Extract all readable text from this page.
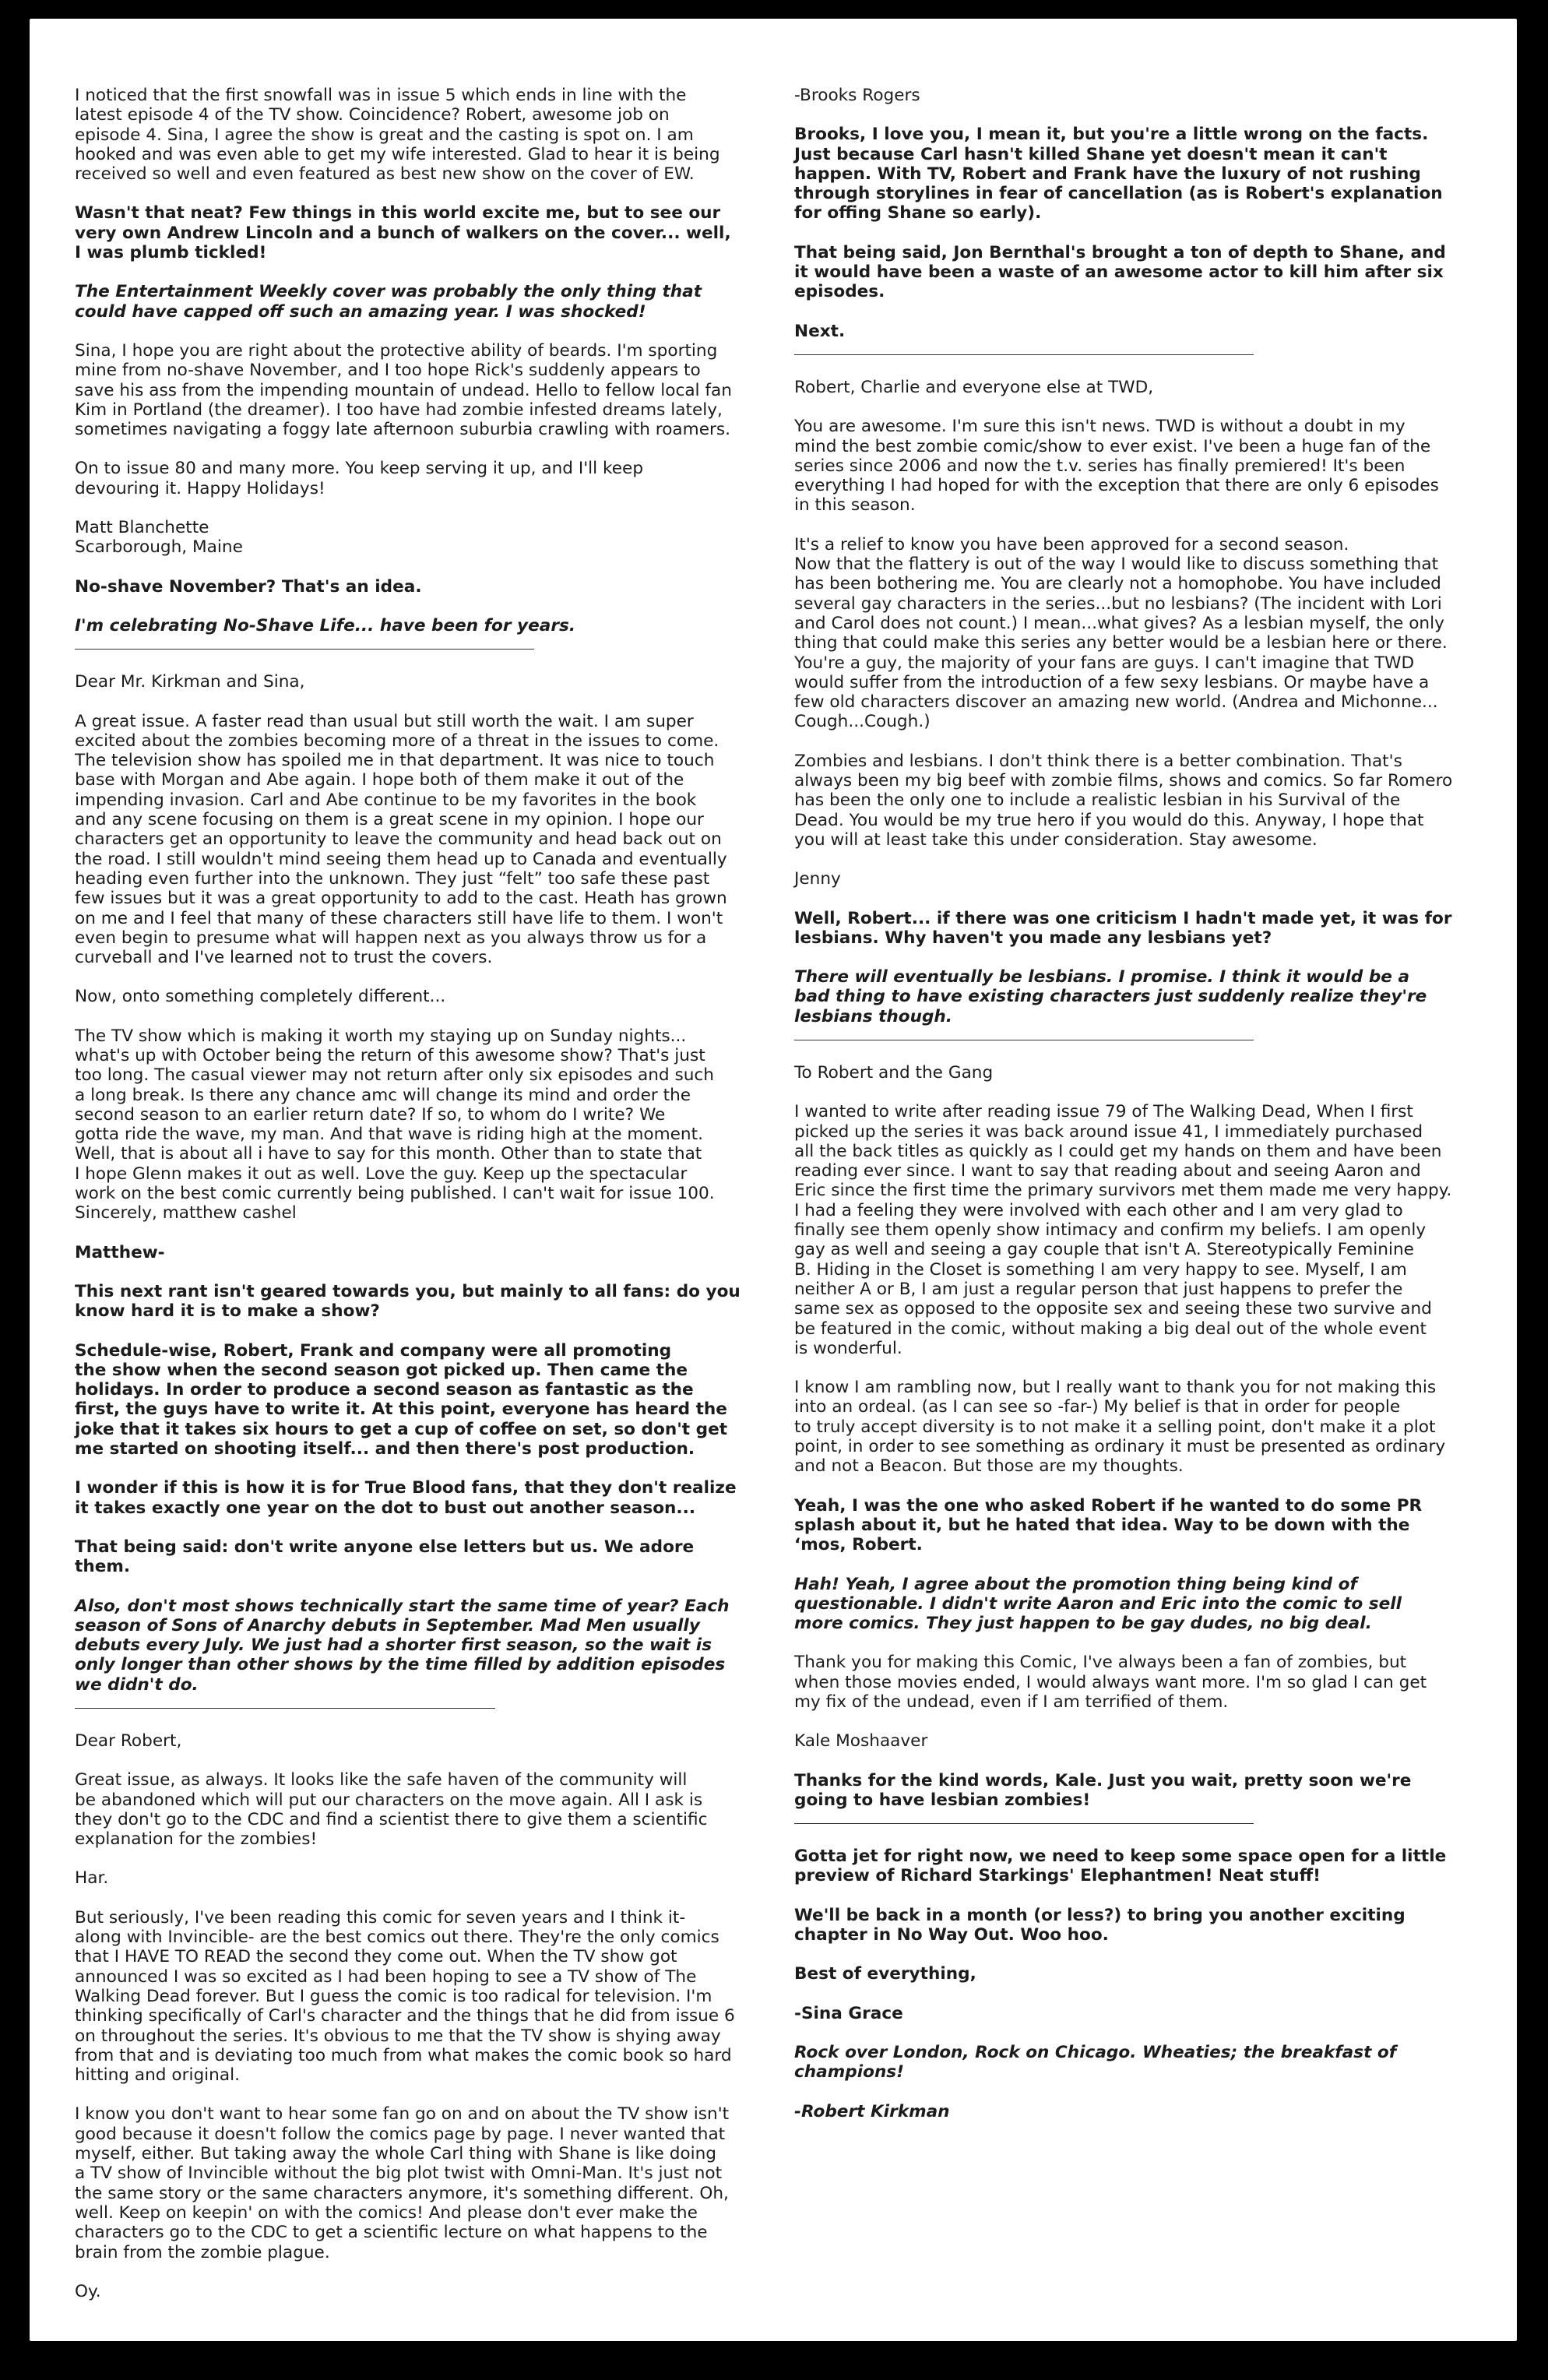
I noticed that the first snowfall was in issue 5 which ends in line with the
latest episode 4 of the TV show. Coincidence? Robert, awesome job on
episode 4. Sina, I agree the show is great and the casting is spot on. I am
hooked and was even able to get my wife interested. Glad to hear it is being
received so well and even featured as best new show on the cover of EW.

Wasn't that neat? Few things in this world excite me, but to see our
very own Andrew Lincoln and a bunch of walkers on the cover... well,
I was plumb tickled!

The Entertainment Weekly cover was probably the only thing that
could have capped off such an amazing year. I was shocked!

Sina, I hope you are right about the protective ability of beards. I'm sporting
mine from no-shave November, and I too hope Rick's suddenly appears to
save his ass from the impending mountain of undead. Hello to fellow local fan
Kim in Portland (the dreamer). I too have had zombie infested dreams lately,
sometimes navigating a foggy late afternoon suburbia crawling with roamers.

On to issue 80 and many more. You keep serving it up, and I'll keep
devouring it. Happy Holidays!

Matt Blanchette
Scarborough, Maine

No-shave November? That's an idea.

I'm celebrating No-Shave Life... have been for years.

Dear Mr. Kirkman and Sina,

A great issue. A faster read than usual but still worth the wait. I am super
excited about the zombies becoming more of a threat in the issues to come.
The television show has spoiled me in that department. It was nice to touch
base with Morgan and Abe again. I hope both of them make it out of the
impending invasion. Carl and Abe continue to be my favorites in the book
and any scene focusing on them is a great scene in my opinion. I hope our
characters get an opportunity to leave the community and head back out on
the road. I still wouldn't mind seeing them head up to Canada and eventually
heading even further into the unknown. They just “felt” too safe these past
few issues but it was a great opportunity to add to the cast. Heath has grown
on me and I feel that many of these characters still have life to them. I won't
even begin to presume what will happen next as you always throw us for a
curveball and I've learned not to trust the covers.

Now, onto something completely different...

The TV show which is making it worth my staying up on Sunday nights...
what's up with October being the return of this awesome show? That's just
too long. The casual viewer may not return after only six episodes and such
a long break. Is there any chance amc will change its mind and order the
second season to an earlier return date? If so, to whom do I write? We
gotta ride the wave, my man. And that wave is riding high at the moment.
Well, that is about all i have to say for this month. Other than to state that
I hope Glenn makes it out as well. Love the guy. Keep up the spectacular
work on the best comic currently being published. I can't wait for issue 100.
Sincerely, matthew cashel

Matthew-

This next rant isn't geared towards you, but mainly to all fans: do you
know hard it is to make a show?

Schedule-wise, Robert, Frank and company were all promoting
the show when the second season got picked up. Then came the
holidays. In order to produce a second season as fantastic as the
first, the guys have to write it. At this point, everyone has heard the
joke that it takes six hours to get a cup of coffee on set, so don't get
me started on shooting itself... and then there's post production.

I wonder if this is how it is for True Blood fans, that they don't realize
it takes exactly one year on the dot to bust out another season...

That being said: don't write anyone else letters but us. We adore
them.

Also, don't most shows technically start the same time of year? Each
season of Sons of Anarchy debuts in September. Mad Men usually
debuts every July. We just had a shorter first season, so the wait is
only longer than other shows by the time filled by addition episodes
we didn't do.

Dear Robert,

Great issue, as always. It looks like the safe haven of the community will
be abandoned which will put our characters on the move again. All I ask is
they don't go to the CDC and find a scientist there to give them a scientific
explanation for the zombies!

Har.

But seriously, I've been reading this comic for seven years and I think it-
along with Invincible- are the best comics out there. They're the only comics
that I HAVE TO READ the second they come out. When the TV show got
announced I was so excited as I had been hoping to see a TV show of The
Walking Dead forever. But I guess the comic is too radical for television. I'm
thinking specifically of Carl's character and the things that he did from issue 6
on throughout the series. It's obvious to me that the TV show is shying away
from that and is deviating too much from what makes the comic book so hard
hitting and original.

I know you don't want to hear some fan go on and on about the TV show isn't
good because it doesn't follow the comics page by page. I never wanted that
myself, either. But taking away the whole Carl thing with Shane is like doing
a TV show of Invincible without the big plot twist with Omni-Man. It's just not
the same story or the same characters anymore, it's something different. Oh,
well. Keep on keepin' on with the comics! And please don't ever make the
characters go to the CDC to get a scientific lecture on what happens to the
brain from the zombie plague.

Oy.

-Brooks Rogers

Brooks, I love you, I mean it, but you're a little wrong on the facts.
Just because Carl hasn't killed Shane yet doesn't mean it can't
happen. With TV, Robert and Frank have the luxury of not rushing
through storylines in fear of cancellation (as is Robert's explanation
for offing Shane so early).

That being said, Jon Bernthal's brought a ton of depth to Shane, and
it would have been a waste of an awesome actor to kill him after six
episodes.

Next.

Robert, Charlie and everyone else at TWD,

You are awesome. I'm sure this isn't news. TWD is without a doubt in my
mind the best zombie comic/show to ever exist. I've been a huge fan of the
series since 2006 and now the t.v. series has finally premiered! It's been
everything I had hoped for with the exception that there are only 6 episodes
in this season.

It's a relief to know you have been approved for a second season.
Now that the flattery is out of the way I would like to discuss something that
has been bothering me. You are clearly not a homophobe. You have included
several gay characters in the series...but no lesbians? (The incident with Lori
and Carol does not count.) I mean...what gives? As a lesbian myself, the only
thing that could make this series any better would be a lesbian here or there.
You're a guy, the majority of your fans are guys. I can't imagine that TWD
would suffer from the introduction of a few sexy lesbians. Or maybe have a
few old characters discover an amazing new world. (Andrea and Michonne...
Cough...Cough.)

Zombies and lesbians. I don't think there is a better combination. That's
always been my big beef with zombie films, shows and comics. So far Romero
has been the only one to include a realistic lesbian in his Survival of the
Dead. You would be my true hero if you would do this. Anyway, I hope that
you will at least take this under consideration. Stay awesome.

Jenny

Well, Robert... if there was one criticism I hadn't made yet, it was for
lesbians. Why haven't you made any lesbians yet?

There will eventually be lesbians. I promise. I think it would be a
bad thing to have existing characters just suddenly realize they're
lesbians though.

To Robert and the Gang

I wanted to write after reading issue 79 of The Walking Dead, When I first
picked up the series it was back around issue 41, I immediately purchased
all the back titles as quickly as I could get my hands on them and have been
reading ever since. I want to say that reading about and seeing Aaron and
Eric since the first time the primary survivors met them made me very happy.
I had a feeling they were involved with each other and I am very glad to
finally see them openly show intimacy and confirm my beliefs. I am openly
gay as well and seeing a gay couple that isn't A. Stereotypically Feminine
B. Hiding in the Closet is something I am very happy to see. Myself, I am
neither A or B, I am just a regular person that just happens to prefer the
same sex as opposed to the opposite sex and seeing these two survive and
be featured in the comic, without making a big deal out of the whole event
is wonderful.

I know I am rambling now, but I really want to thank you for not making this
into an ordeal. (as I can see so -far-) My belief is that in order for people
to truly accept diversity is to not make it a selling point, don't make it a plot
point, in order to see something as ordinary it must be presented as ordinary
and not a Beacon. But those are my thoughts.

Yeah, I was the one who asked Robert if he wanted to do some PR
splash about it, but he hated that idea. Way to be down with the
‘mos, Robert.

Hah! Yeah, I agree about the promotion thing being kind of
questionable. I didn't write Aaron and Eric into the comic to sell
more comics. They just happen to be gay dudes, no big deal.

Thank you for making this Comic, I've always been a fan of zombies, but
when those movies ended, I would always want more. I'm so glad I can get
my fix of the undead, even if I am terrified of them.

Kale Moshaaver

Thanks for the kind words, Kale. Just you wait, pretty soon we're
going to have lesbian zombies!

Gotta jet for right now, we need to keep some space open for a little
preview of Richard Starkings' Elephantmen! Neat stuff!

We'll be back in a month (or less?) to bring you another exciting
chapter in No Way Out. Woo hoo.

Best of everything,

-Sina Grace

Rock over London, Rock on Chicago. Wheaties; the breakfast of
champions!

-Robert Kirkman
